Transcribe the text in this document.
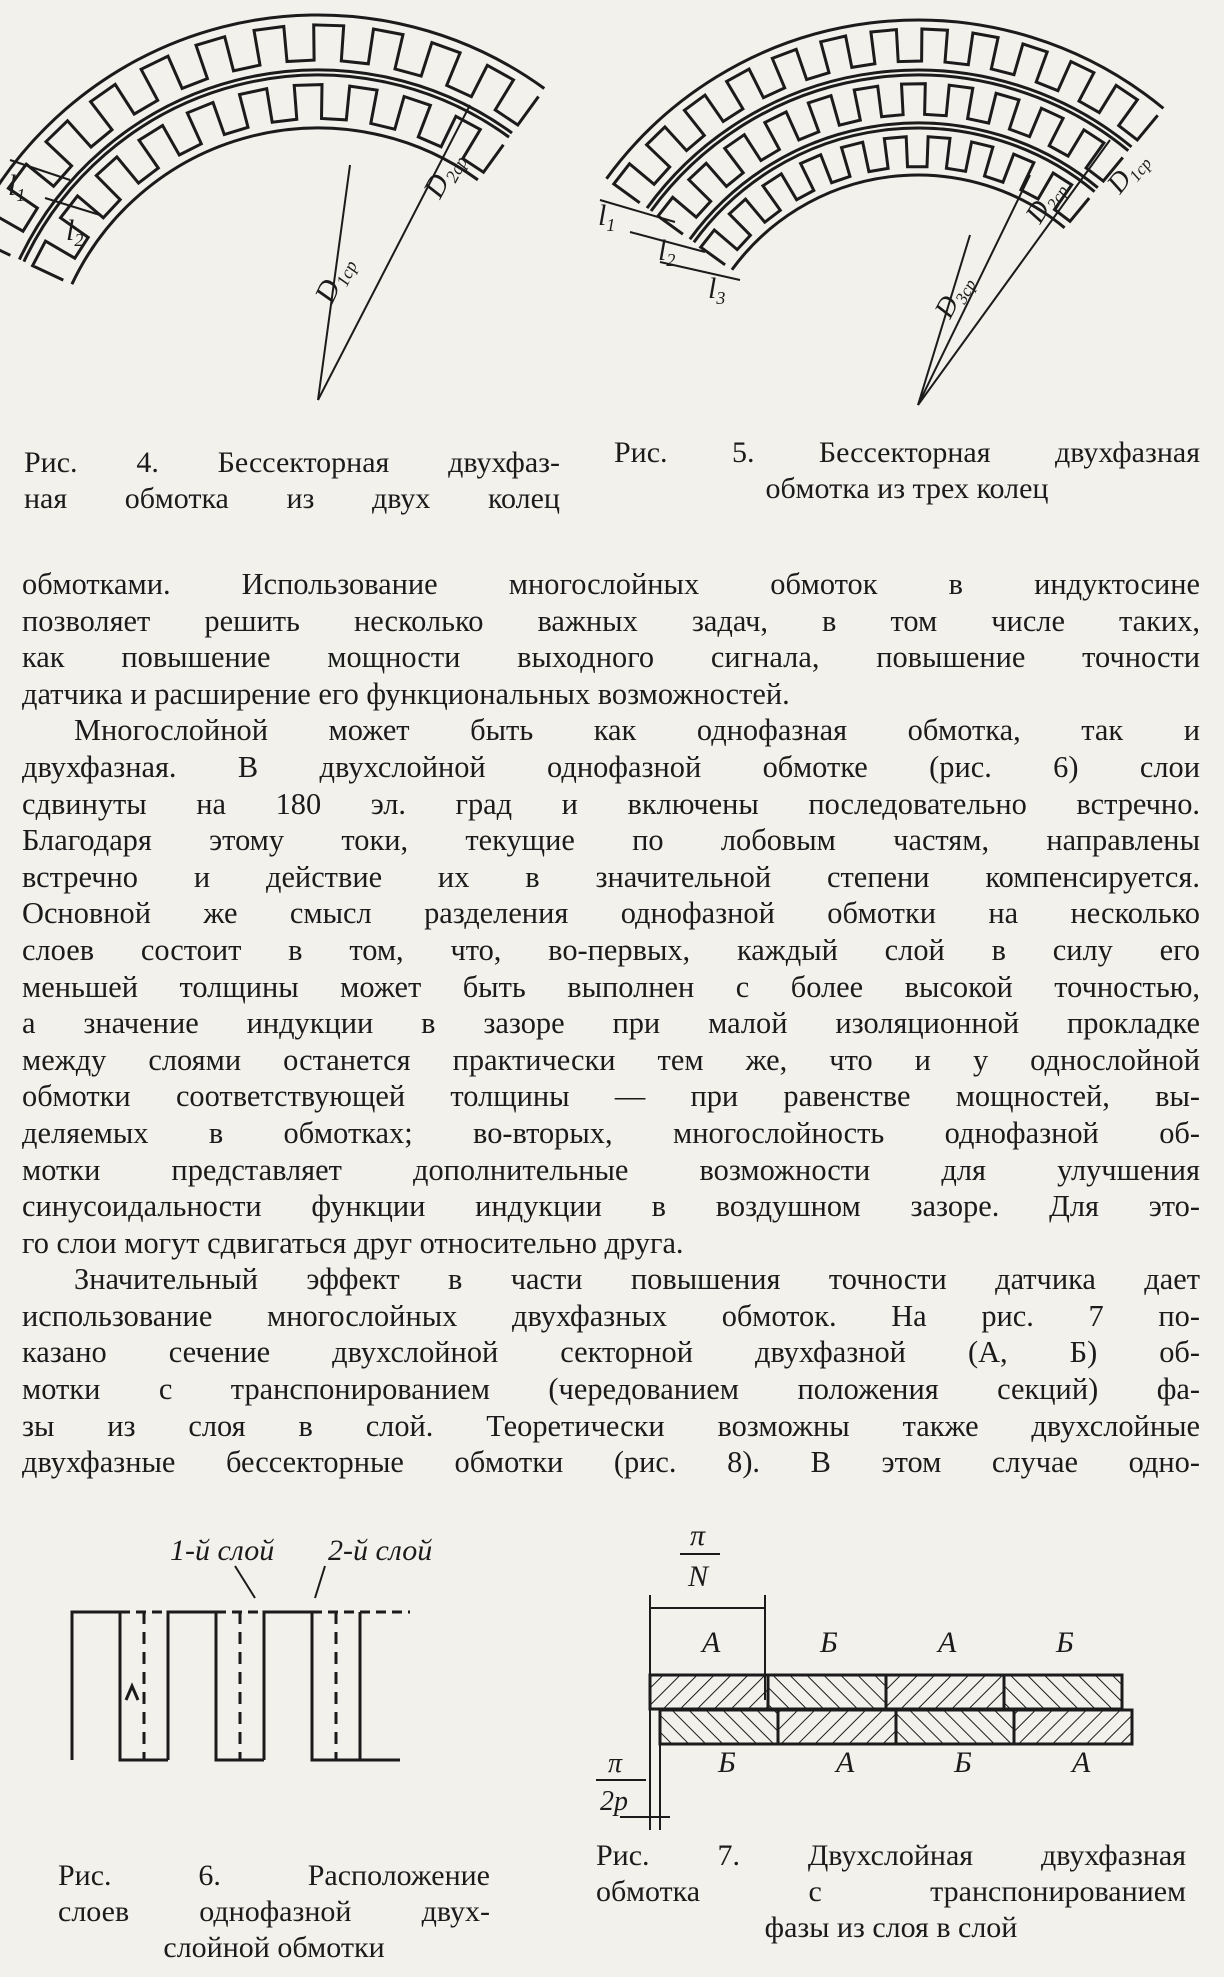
$l_1$
$l_2$
$D_{1ср}$
$D_{2ср}$
Рис. 4. Бессекторная двухфаз-
ная обмотка из двух колец
$l_1$
$l_2$
$l_3$	$D_{3ср}$
$D_{2ср}$ $D_{1ср}$
Рис. 5. Бессекторная двухфазная
обмотка из трех колец

обмотками. Использование многослойных обмоток в индуктосине

позволяет решить несколько важных задач, в том числе таких,

как повышение мощности выходного сигнала, повышение точности

датчика и расширение его функциональных возможностей.

Многослойной может быть как однофазная обмотка, так и

двухфазная. В двухслойной однофазной обмотке (рис. 6) слои

сдвинуты на 180 эл. град и включены последовательно встречно.

Благодаря этому токи, текущие по лобовым частям, направлены

встречно и действие их в значительной степени компенсируется.

Основной же смысл разделения однофазной обмотки на несколько

слоев состоит в том, что, во-первых, каждый слой в силу его

меньшей толщины может быть выполнен с более высокой точностью,

а значение индукции в зазоре при малой изоляционной прокладке

между слоями останется практически тем же, что и у однослойной

обмотки соответствующей толщины — при равенстве мощностей, вы-

деляемых в обмотках; во-вторых, многослойность однофазной об-

мотки представляет дополнительные возможности для улучшения

синусоидальности функции индукции в воздушном зазоре. Для это-

го слои могут сдвигаться друг относительно друга.

Значительный эффект в части повышения точности датчика дает

использование многослойных двухфазных обмоток. На рис. 7 по-

казано сечение двухслойной секторной двухфазной (А, Б) об-

мотки с транспонированием (чередованием положения секций) фа-

зы из слоя в слой. Теоретически возможны также двухслойные

двухфазные бессекторные обмотки (рис. 8). В этом случае одно-

1-й слой 2-й слой
Рис. 6. Расположение
слоев однофазной двух-
слойной обмотки
π
N
π
2p
А	Б	А	Б
Б	А	Б	А
Рис. 7. Двухслойная двухфазная
обмотка с транспонированием
фазы из слоя в слой
